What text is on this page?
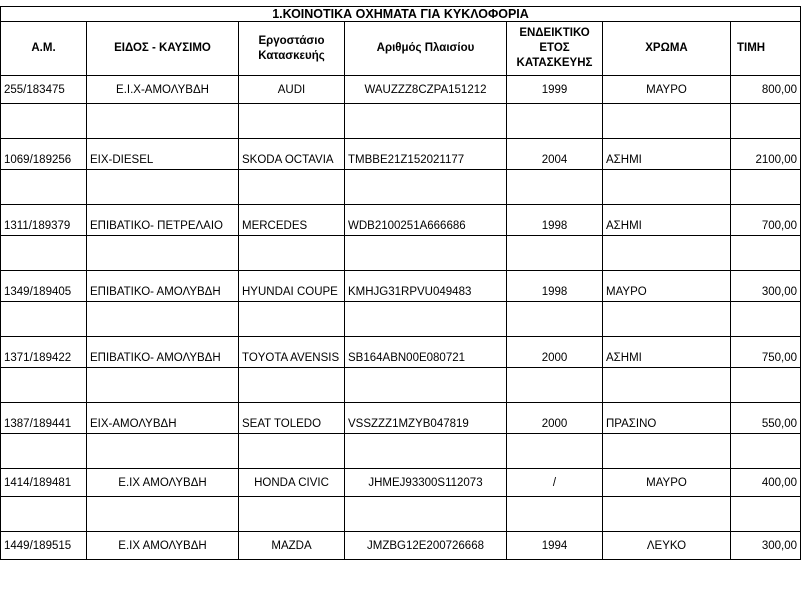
1.ΚΟΙΝΟΤΙΚΑ ΟΧΗΜΑΤΑ ΓΙΑ ΚΥΚΛΟΦΟΡΙΑ						
Α.Μ.	ΕΙΔΟΣ - ΚΑΥΣΙΜΟ	Εργοστάσιο Κατασκευής	Αριθμός Πλαισίου	ΕΝΔΕΙΚΤΙΚΟ ΕΤΟΣ ΚΑΤΑΣΚΕΥΗΣ	ΧΡΩΜΑ	ΤΙΜΗ
255/183475	Ε.Ι.Χ-ΑΜΟΛΥΒΔΗ	AUDI	WAUZZZ8CZPA151212	1999	ΜΑΥΡΟ	800,00

1069/189256	ΕΙΧ-DIESEL	SKODA OCTAVIA	TMBBE21Z152021177	2004	ΑΣΗΜΙ	2100,00

1311/189379	ΕΠΙΒΑΤΙΚΟ- ΠΕΤΡΕΛΑΙΟ	MERCEDES	WDB2100251A666686	1998	ΑΣΗΜΙ	700,00

1349/189405	ΕΠΙΒΑΤΙΚΟ- ΑΜΟΛΥΒΔΗ	HYUNDAI COUPE	KMHJG31RPVU049483	1998	ΜΑΥΡΟ	300,00

1371/189422	ΕΠΙΒΑΤΙΚΟ- ΑΜΟΛΥΒΔΗ	TOYOTA AVENSIS	SB164ABN00E080721	2000	ΑΣΗΜΙ	750,00

1387/189441	ΕΙΧ-ΑΜΟΛΥΒΔΗ	SEAT TOLEDO	VSSZZZ1MZYB047819	2000	ΠΡΑΣΙΝΟ	550,00

1414/189481	Ε.ΙΧ ΑΜΟΛΥΒΔΗ	HONDA CIVIC	JHMEJ93300S112073	/	ΜΑΥΡΟ	400,00

1449/189515	Ε.ΙΧ ΑΜΟΛΥΒΔΗ	MAZDA	JMZBG12E200726668	1994	ΛΕΥΚΟ	300,00
